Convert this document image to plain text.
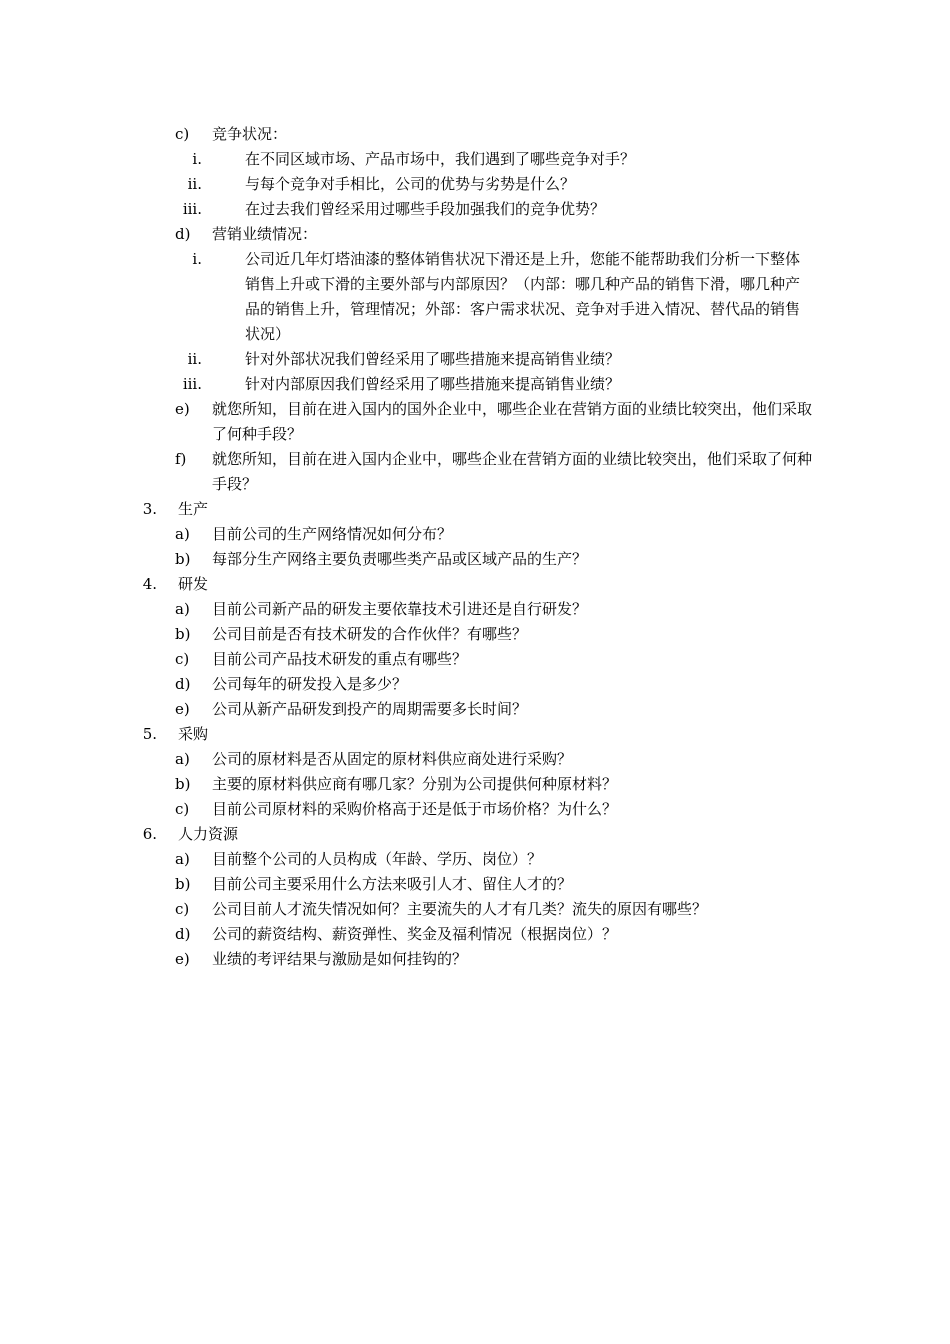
c) 竞争状况：
i.	在不同区域市场、产品市场中，我们遇到了哪些竞争对手？
ii.	与每个竞争对手相比，公司的优势与劣势是什么？
iii.	在过去我们曾经采用过哪些手段加强我们的竞争优势？
d) 营销业绩情况：
i.	公司近几年灯塔油漆的整体销售状况下滑还是上升，您能不能帮助我们分析一下整体销售上升或下滑的主要外部与内部原因？（内部：哪几种产品的销售下滑，哪几种产品的销售上升，管理情况；外部：客户需求状况、竞争对手进入情况、替代品的销售状况）
ii.	针对外部状况我们曾经采用了哪些措施来提高销售业绩？
iii.	针对内部原因我们曾经采用了哪些措施来提高销售业绩？
e) 就您所知，目前在进入国内的国外企业中，哪些企业在营销方面的业绩比较突出，他们采取了何种手段？
f)	就您所知，目前在进入国内企业中，哪些企业在营销方面的业绩比较突出，他们采取了何种手段？
3. 生产
a) 目前公司的生产网络情况如何分布？
b) 每部分生产网络主要负责哪些类产品或区域产品的生产？
4. 研发
a) 目前公司新产品的研发主要依靠技术引进还是自行研发？
b) 公司目前是否有技术研发的合作伙伴？有哪些？
c) 目前公司产品技术研发的重点有哪些？
d) 公司每年的研发投入是多少？
e) 公司从新产品研发到投产的周期需要多长时间？
5. 采购
a) 公司的原材料是否从固定的原材料供应商处进行采购？
b) 主要的原材料供应商有哪几家？分别为公司提供何种原材料？
c) 目前公司原材料的采购价格高于还是低于市场价格？为什么？
6. 人力资源
a) 目前整个公司的人员构成（年龄、学历、岗位）？
b) 目前公司主要采用什么方法来吸引人才、留住人才的？
c) 公司目前人才流失情况如何？主要流失的人才有几类？流失的原因有哪些？
d) 公司的薪资结构、薪资弹性、奖金及福利情况（根据岗位）？
e) 业绩的考评结果与激励是如何挂钩的？
